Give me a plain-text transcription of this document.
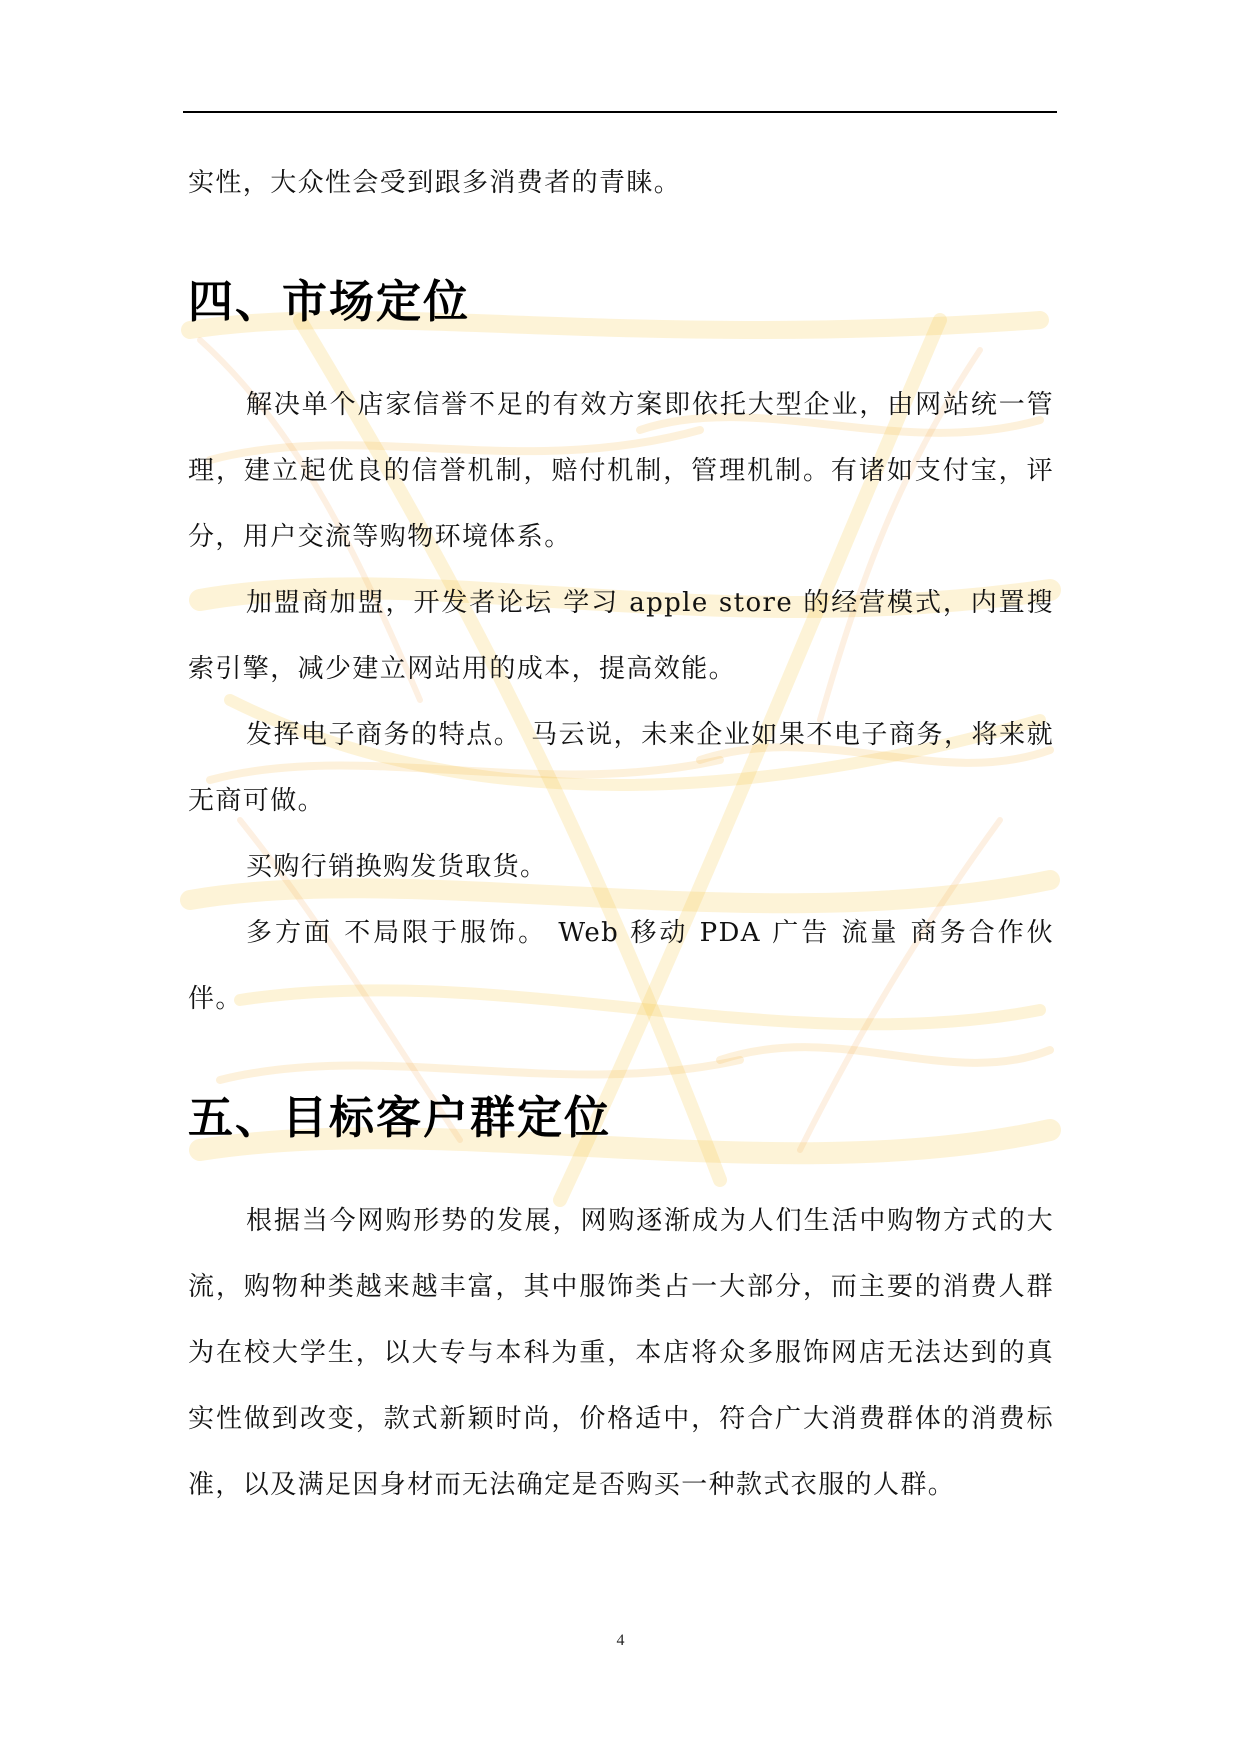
实性，大众性会受到跟多消费者的青睐。

四、市场定位

解决单个店家信誉不足的有效方案即依托大型企业，由网站统一管理，建立起优良的信誉机制，赔付机制，管理机制。有诸如支付宝，评分，用户交流等购物环境体系。

加盟商加盟，开发者论坛 学习 apple store 的经营模式，内置搜索引擎，减少建立网站用的成本，提高效能。

发挥电子商务的特点。 马云说，未来企业如果不电子商务，将来就无商可做。

买购行销换购发货取货。

多方面 不局限于服饰。 Web 移动 PDA 广告 流量 商务合作伙伴。

五、目标客户群定位

根据当今网购形势的发展，网购逐渐成为人们生活中购物方式的大流，购物种类越来越丰富，其中服饰类占一大部分，而主要的消费人群为在校大学生，以大专与本科为重，本店将众多服饰网店无法达到的真实性做到改变，款式新颖时尚，价格适中，符合广大消费群体的消费标准，以及满足因身材而无法确定是否购买一种款式衣服的人群。

4
